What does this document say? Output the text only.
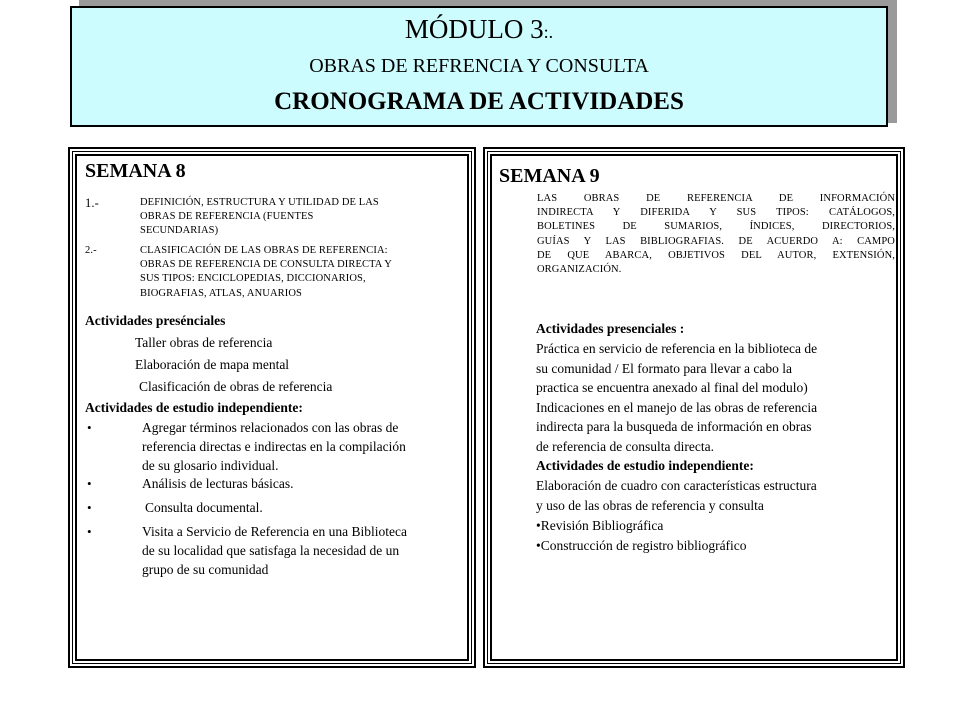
MÓDULO 3:.
OBRAS DE REFRENCIA Y CONSULTA
CRONOGRAMA DE ACTIVIDADES
SEMANA 8
1.-	DEFINICIÓN, ESTRUCTURA Y UTILIDAD DE LAS
OBRAS DE REFERENCIA (FUENTES
SECUNDARIAS)
2.-	CLASIFICACIÓN DE LAS OBRAS DE REFERENCIA:
OBRAS DE REFERENCIA DE CONSULTA DIRECTA Y
SUS TIPOS: ENCICLOPEDIAS, DICCIONARIOS,
BIOGRAFIAS, ATLAS, ANUARIOS
Actividades presénciales
Taller obras de referencia
Elaboración de mapa mental
Clasificación de obras de referencia
Actividades de estudio independiente:
•	Agregar términos relacionados con las obras de
referencia directas e indirectas en la compilación
de su glosario individual.
•	Análisis de lecturas básicas.
•	Consulta documental.
•	Visita a Servicio de Referencia en una Biblioteca
de su localidad que satisfaga la necesidad de un
grupo de su comunidad
SEMANA 9
LAS OBRAS DE REFERENCIA DE INFORMACIÓN
INDIRECTA Y DIFERIDA Y SUS TIPOS: CATÁLOGOS,
BOLETINES DE SUMARIOS, ÍNDICES, DIRECTORIOS,
GUÍAS Y LAS BIBLIOGRAFIAS. DE ACUERDO A: CAMPO
DE QUE ABARCA, OBJETIVOS DEL AUTOR, EXTENSIÓN,
ORGANIZACIÓN.
Actividades presenciales :
Práctica en servicio de referencia en la biblioteca de
su comunidad / El formato para llevar a cabo la
practica se encuentra anexado al final del modulo)
Indicaciones en el manejo de las obras de referencia
indirecta para la busqueda de información en obras
de referencia de consulta directa.
Actividades de estudio independiente:
Elaboración de cuadro con características estructura
y uso de las obras de referencia y consulta
•Revisión Bibliográfica
•Construcción de registro bibliográfico
